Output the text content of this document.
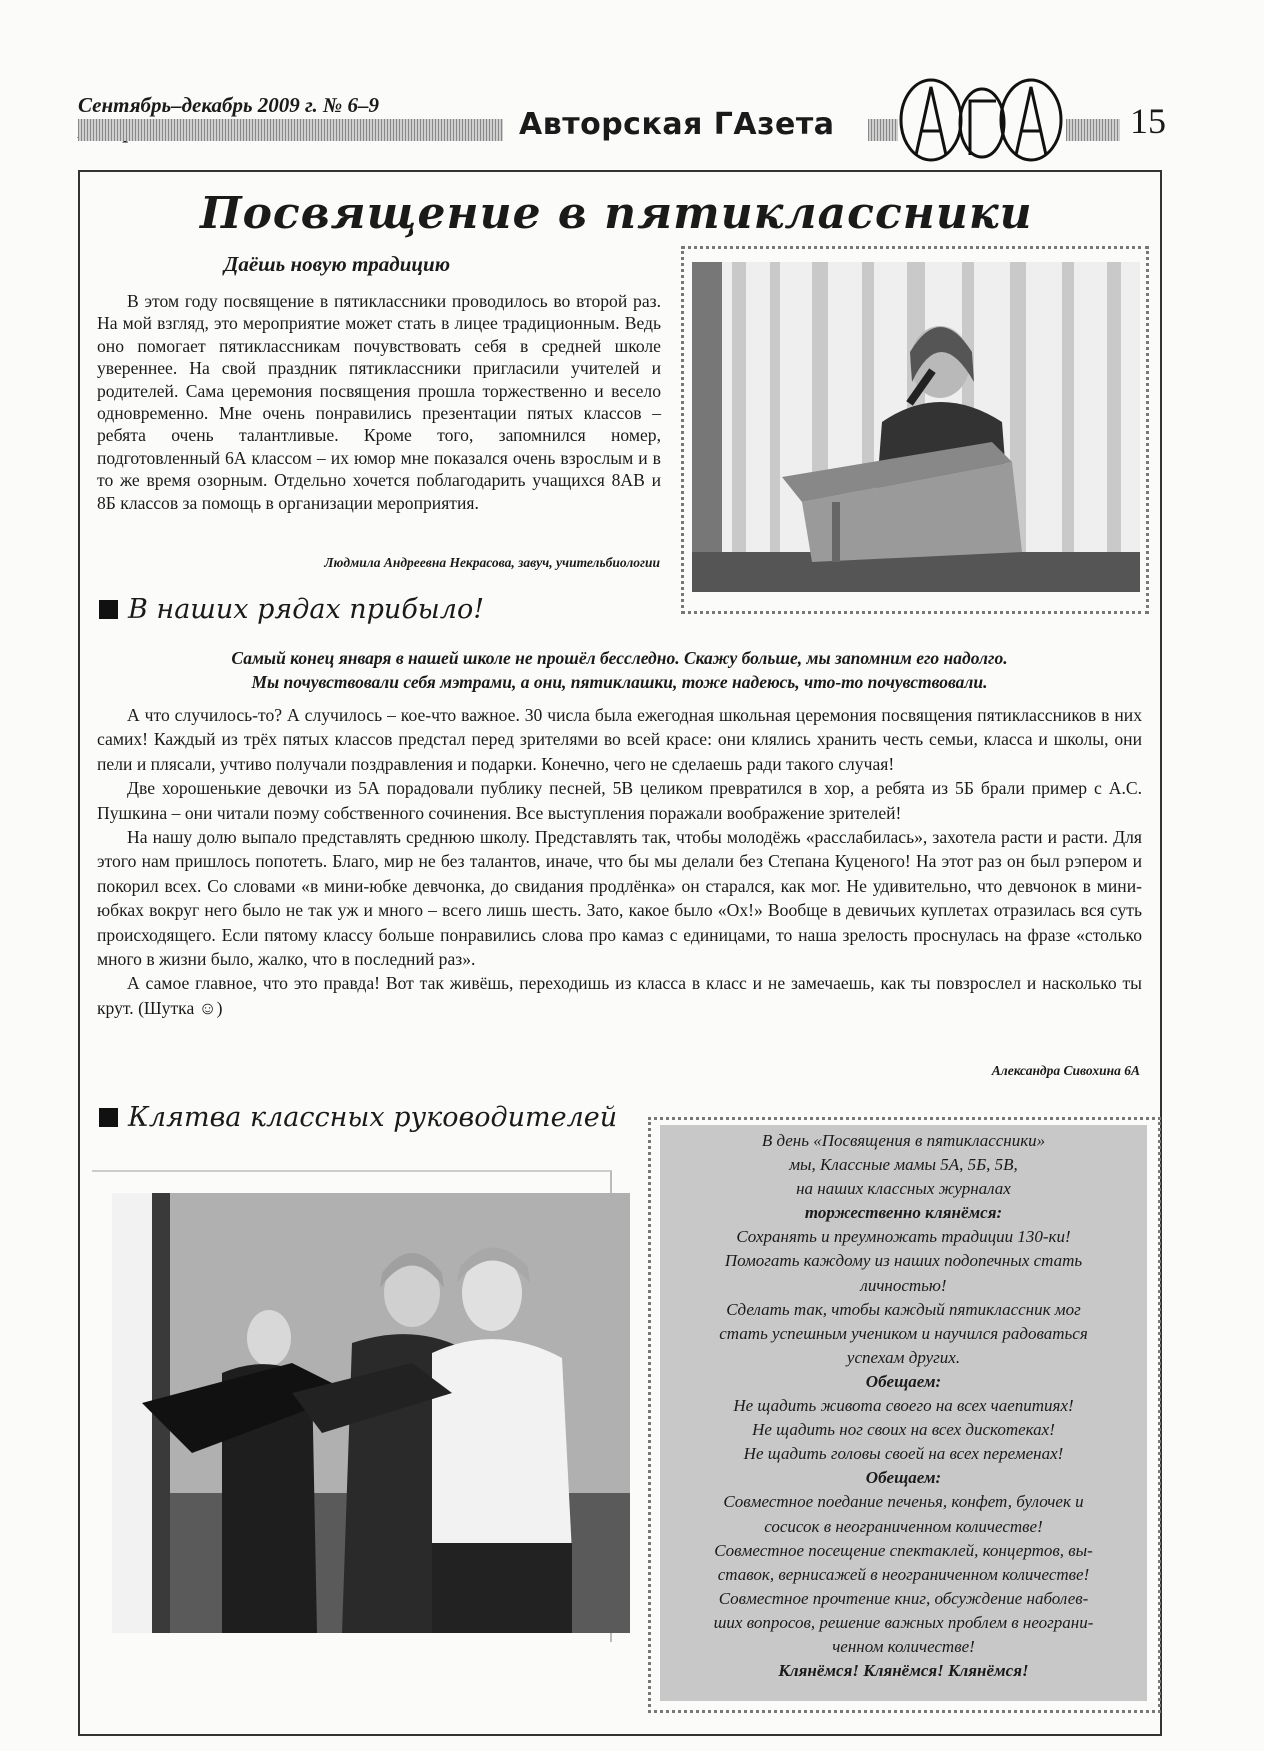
Сентябрь–декабрь 2009 г. № 6–9
Авторская ГАзета	15
Посвящение в пятиклассники
Даёшь новую традицию

В этом году посвящение в пятиклассники проводилось во второй раз. На мой взгляд, это мероприятие может стать в лицее традиционным. Ведь оно помогает пятиклассникам почувствовать себя в средней школе увереннее. На свой праздник пятиклассники пригласили учителей и родителей. Сама церемония посвящения прошла торжественно и весело одновременно. Мне очень понравились презентации пятых классов – ребята очень талантливые. Кроме того, запомнился номер, подготовленный 6А классом – их юмор мне показался очень взрослым и в то же время озорным. Отдельно хочется поблагодарить учащихся 8АВ и 8Б классов за помощь в организации мероприятия.

Людмила Андреевна Некрасова, завуч, учительбиологии
В наших рядах прибыло!
Самый конец января в нашей школе не прошёл бесследно. Скажу больше, мы запомним его надолго.
Мы почувствовали себя мэтрами, а они, пятиклашки, тоже надеюсь, что-то почувствовали.

А что случилось-то? А случилось – кое-что важное. 30 числа была ежегодная школьная церемония посвящения пятиклассников в них самих! Каждый из трёх пятых классов предстал перед зрителями во всей красе: они клялись хранить честь семьи, класса и школы, они пели и плясали, учтиво получали поздравления и подарки. Конечно, чего не сделаешь ради такого случая!

Две хорошенькие девочки из 5А порадовали публику песней, 5В целиком превратился в хор, а ребята из 5Б брали пример с А.С. Пушкина – они читали поэму собственного сочинения. Все выступления поражали воображение зрителей!

На нашу долю выпало представлять среднюю школу. Представлять так, чтобы молодёжь «расслабилась», захотела расти и расти. Для этого нам пришлось попотеть. Благо, мир не без талантов, иначе, что бы мы делали без Степана Куценого! На этот раз он был рэпером и покорил всех. Со словами «в мини-юбке девчонка, до свидания продлёнка» он старался, как мог. Не удивительно, что девчонок в мини-юбках вокруг него было не так уж и много – всего лишь шесть. Зато, какое было «Ох!» Вообще в девичьих куплетах отразилась вся суть происходящего. Если пятому классу больше понравились слова про камаз с единицами, то наша зрелость проснулась на фразе «столько много в жизни было, жалко, что в последний раз».

А самое главное, что это правда! Вот так живёшь, переходишь из класса в класс и не замечаешь, как ты повзрослел и насколько ты крут. (Шутка ☺)

Александра Сивохина 6А
Клятва классных руководителей

В день «Посвящения в пятиклассники»

мы, Классные мамы 5А, 5Б, 5В,

на наших классных журналах

торжественно клянёмся:

Сохранять и преумножать традиции 130-ки!

Помогать каждому из наших подопечных стать

личностью!

Сделать так, чтобы каждый пятиклассник мог

стать успешным учеником и научился радоваться

успехам других.

Обещаем:

Не щадить живота своего на всех чаепитиях!

Не щадить ног своих на всех дискотеках!

Не щадить головы своей на всех переменах!

Обещаем:

Совместное поедание печенья, конфет, булочек и

сосисок в неограниченном количестве!

Совместное посещение спектаклей, концертов, вы-

ставок, вернисажей в неограниченном количестве!

Совместное прочтение книг, обсуждение наболев-

ших вопросов, решение важных проблем в неограни-

ченном количестве!

Клянёмся! Клянёмся! Клянёмся!
